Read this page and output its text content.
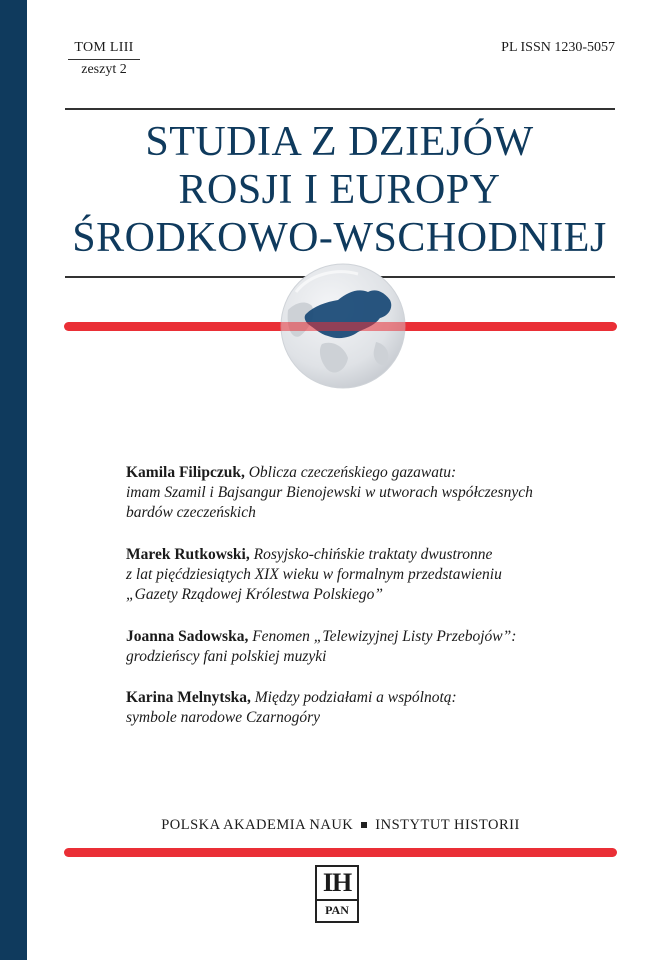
TOM LIII
zeszyt 2
PL ISSN 1230-5057
STUDIA Z DZIEJÓW
ROSJI I EUROPY
ŚRODKOWO-WSCHODNIEJ
Kamila Filipczuk, Oblicza czeczeńskiego gazawatu:
imam Szamil i Bajsangur Bienojewski w utworach współczesnych
bardów czeczeńskich
Marek Rutkowski, Rosyjsko-chińskie traktaty dwustronne
z lat pięćdziesiątych XIX wieku w formalnym przedstawieniu
„Gazety Rządowej Królestwa Polskiego”
Joanna Sadowska, Fenomen „Telewizyjnej Listy Przebojów”:
grodzieńscy fani polskiej muzyki
Karina Melnytska, Między podziałami a wspólnotą:
symbole narodowe Czarnogóry
POLSKA AKADEMIA NAUK INSTYTUT HISTORII
IH
PAN
